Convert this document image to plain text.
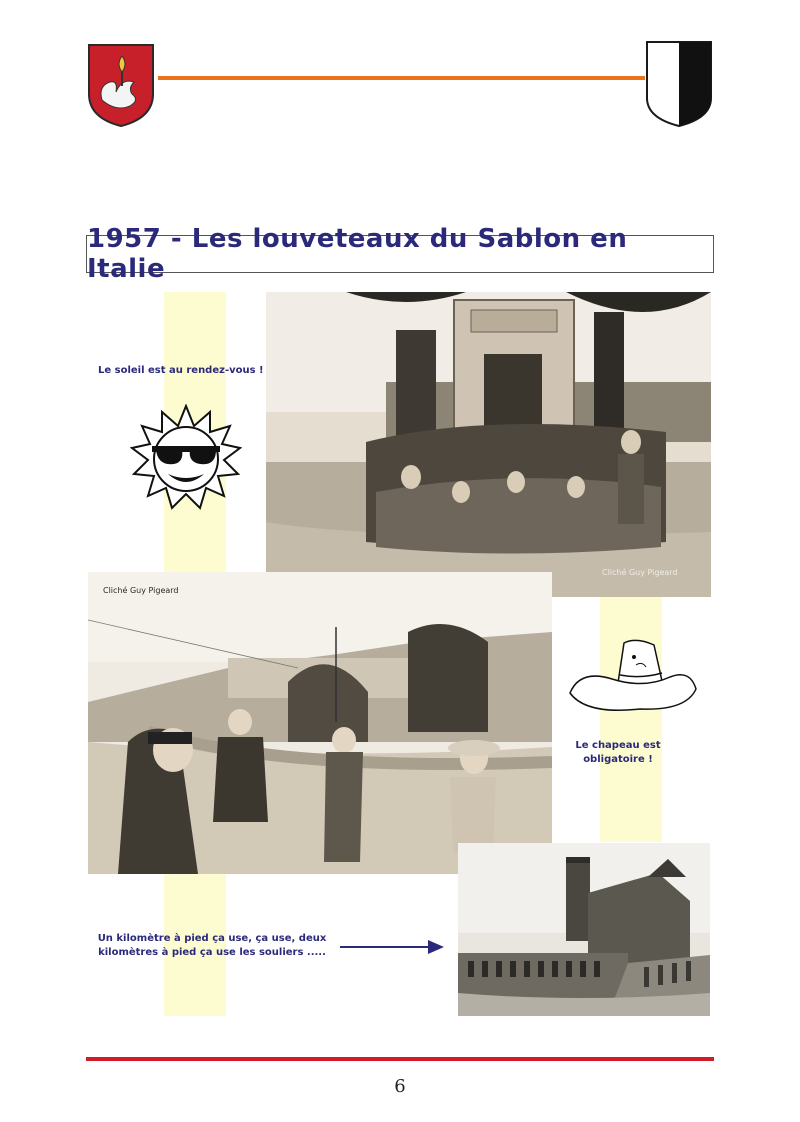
1957 - Les louveteaux du Sablon en Italie
Le soleil est au rendez-vous !
Cliché Guy Pigeard
Cliché Guy Pigeard
Le chapeau est obligatoire !
Un kilomètre à pied ça use, ça use, deux kilomètres à pied ça use les souliers .....
6
